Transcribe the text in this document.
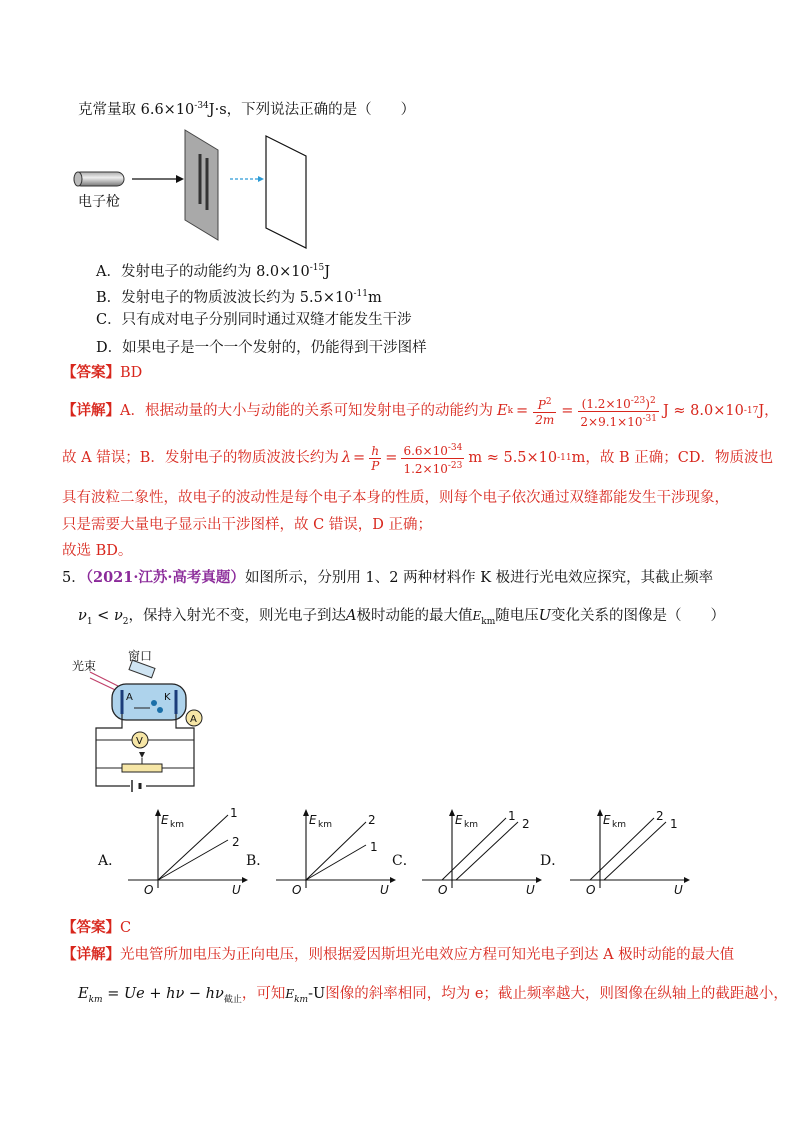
克常量取 $6.6\times 10^{-34}J\cdot s$，下列说法正确的是（　　）
电子枪
A．发射电子的动能约为 $8.0\times 10^{-15}J$
B．发射电子的物质波波长约为 $5.5\times 10^{-11}m$
C．只有成对电子分别同时通过双缝才能发生干涉
D．如果电子是一个一个发射的，仍能得到干涉图样
【答案】BD
【详解】 A．根据动量的大小与动能的关系可知发射电子的动能约为 E $k = \frac{P^2}{2m} = \frac{(1.2\times 10^{-23})^2}{2\times 9.1\times 10^{-31}}$ J ≈ 8.0×10 -17 J，
故 A 错误；B．发射电子的物质波波长约为 $\lambda = \frac{h}{P} = \frac{6.6\times 10^{-34}}{1.2\times 10^{-23}}$ m ≈ 5.5×10 -11 m ，故 B 正确；CD．物质波也
具有波粒二象性，故电子的波动性是每个电子本身的性质，则每个电子依次通过双缝都能发生干涉现象，
只是需要大量电子显示出干涉图样，故 C 错误，D 正确；
故选 BD。
5．（2021·江苏·高考真题）如图所示，分别用 1、2 两种材料作 K 极进行光电效应探究，其截止频率
$\nu_1 < \nu_2$，保持入射光不变，则光电子到达A极时动能的最大值$E_{km}$随电压U变化关系的图像是（　　）
光束
窗口
A	K
A
V
A．
1
2
O
E km
U
B．
2
1
O
E km
U
C．
1
2
O
E km
U
D．
2
1
O
E km
U
【答案】C
【详解】光电管所加电压为正向电压，则根据爱因斯坦光电效应方程可知光电子到达 A 极时动能的最大值
$E_{km} = Ue + h\nu - h\nu_{截止}$，可知$E_{km}-U$图像的斜率相同，均为 e；截止频率越大，则图像在纵轴上的截距越小，
